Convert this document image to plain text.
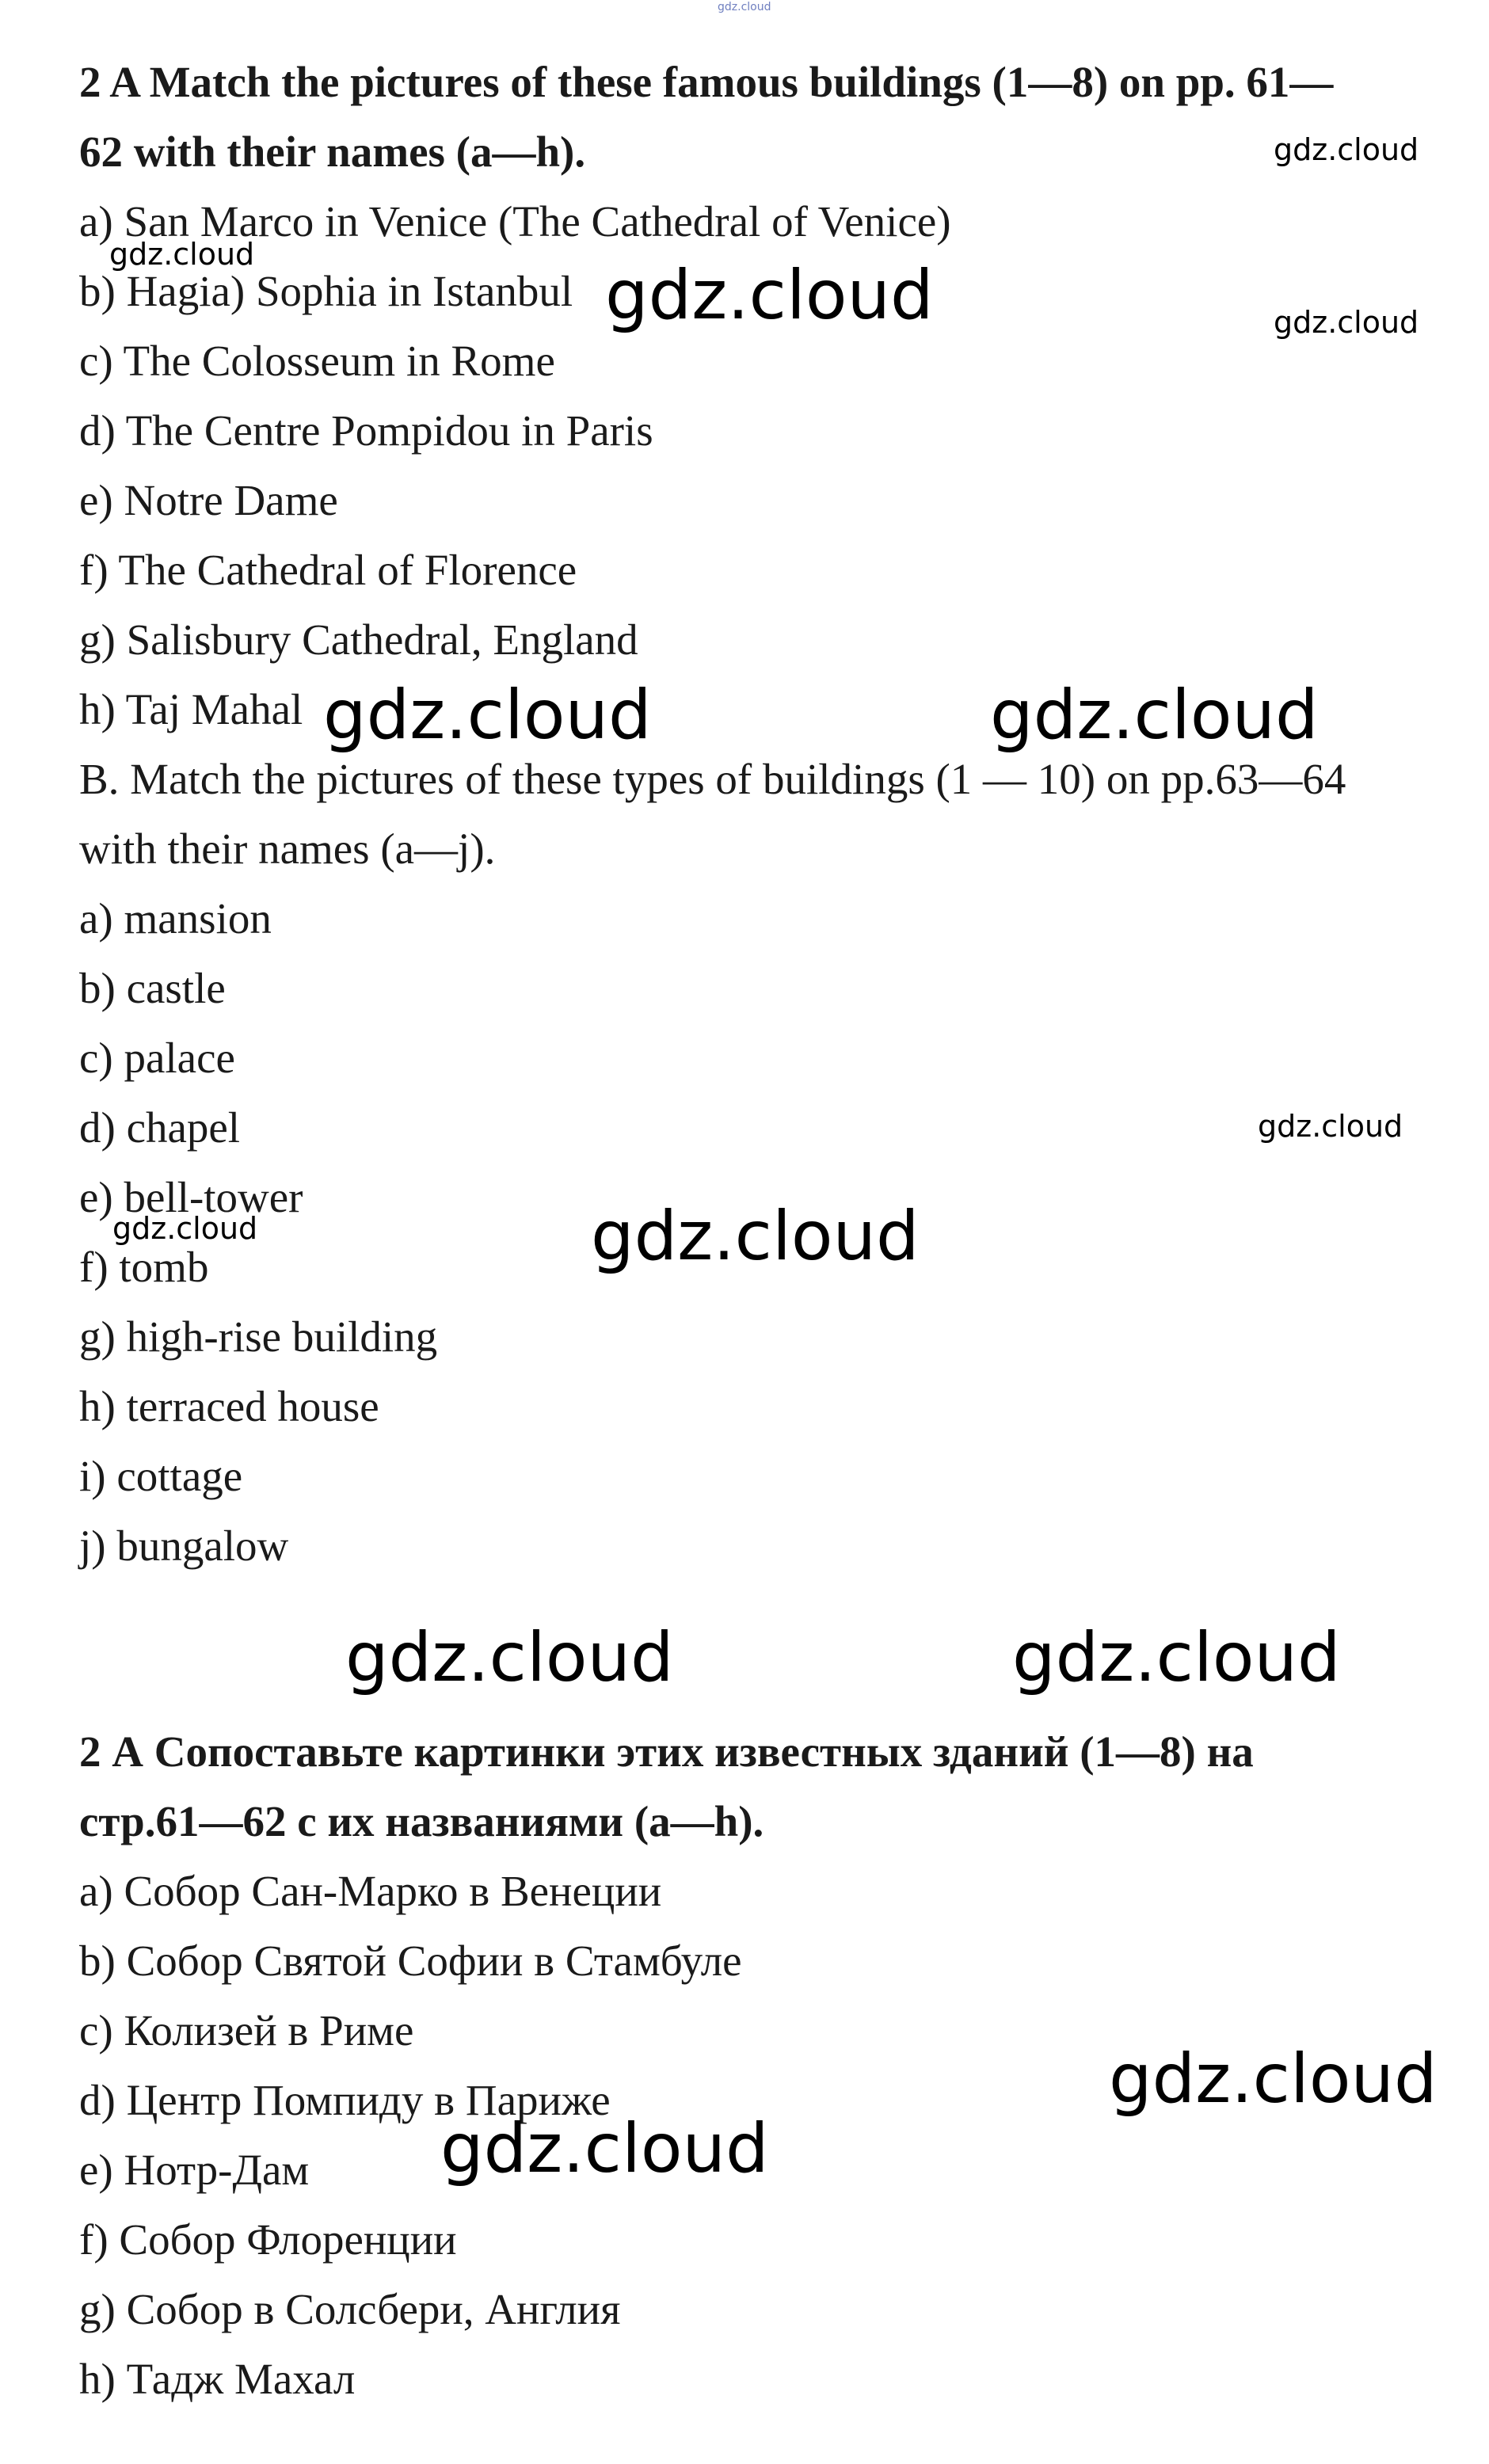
gdz.cloud
2 A Match the pictures of these famous buildings (1—8) on pp. 61—
62 with their names (a—h).
a) San Marco in Venice (The Cathedral of Venice)
b) Hagia) Sophia in Istanbul
c) The Colosseum in Rome
d) The Centre Pompidou in Paris
e) Notre Dame
f) The Cathedral of Florence
g) Salisbury Cathedral, England
h) Taj Mahal
B. Match the pictures of these types of buildings (1 — 10) on pp.63—64
with their names (a—j).
a) mansion
b) castle
c) palace
d) chapel
e) bell-tower
f) tomb
g) high-rise building
h) terraced house
i) cottage
j) bungalow
2 А Сопоставьте картинки этих известных зданий (1—8) на
стр.61—62 с их названиями (a—h).
a) Собор Сан-Марко в Венеции
b) Собор Святой Софии в Стамбуле
c) Колизей в Риме
d) Центр Помпиду в Париже
e) Нотр-Дам
f) Собор Флоренции
g) Собор в Солсбери, Англия
h) Тадж Махал
gdz.cloud
gdz.cloud
gdz.cloud
gdz.cloud
gdz.cloud
gdz.cloud
gdz.cloud	gdz.cloud
gdz.cloud
gdz.cloud	gdz.cloud
gdz.cloud
gdz.cloud
